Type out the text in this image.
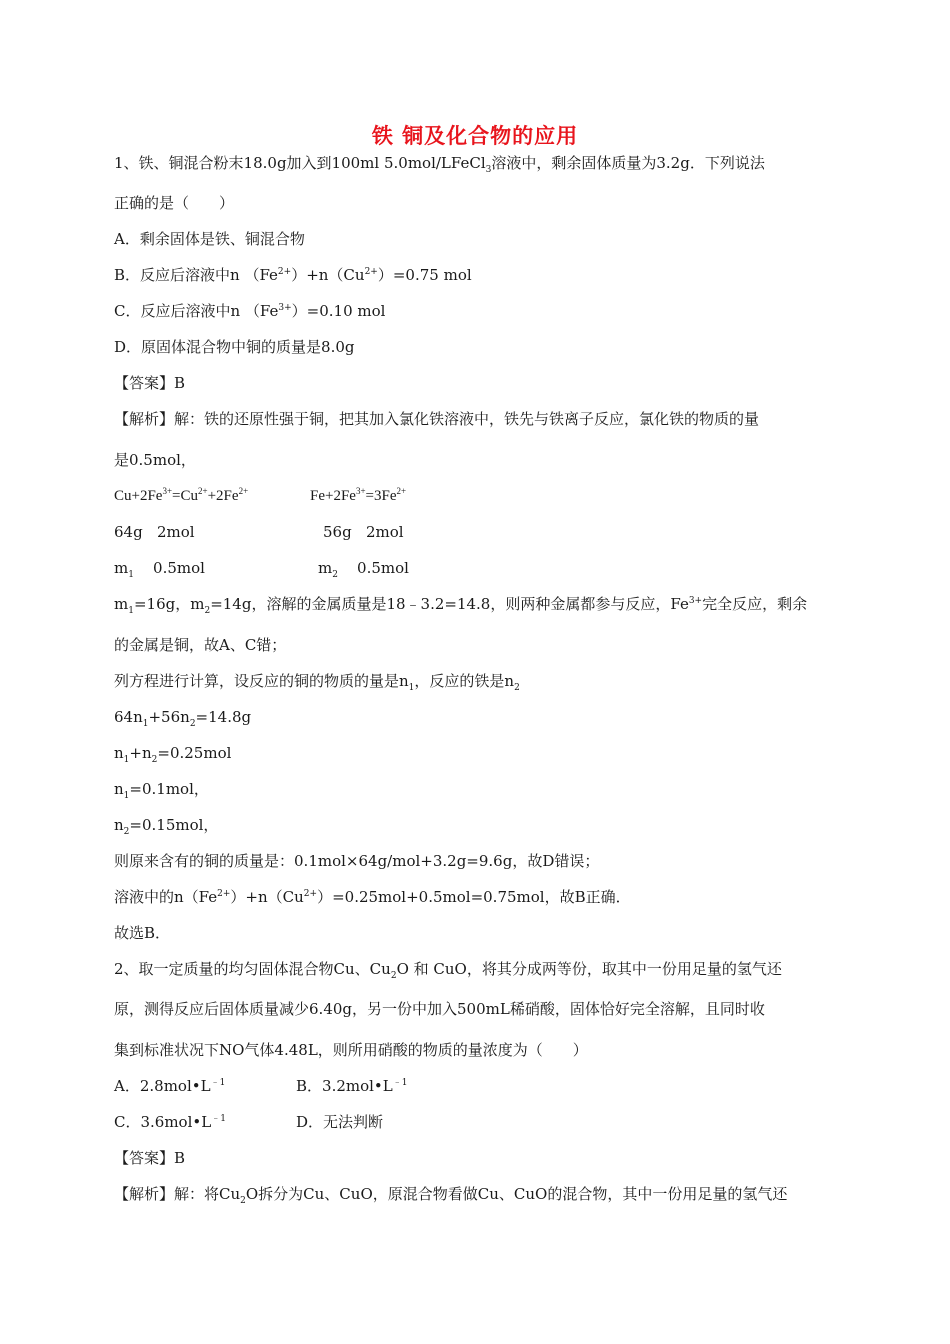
铁 铜及化合物的应用
1、铁、铜混合粉末18.0g加入到100ml 5.0mol/LFeCl$_3$溶液中，剩余固体质量为3.2g．下列说法
正确的是（　　）
A．剩余固体是铁、铜混合物
B．反应后溶液中n $(Fe^{2+})+n(Cu^{2+})=0.75$ mol
C．反应后溶液中n $(Fe^{3+})=0.10$ mol
D．原固体混合物中铜的质量是8.0g
【答案】B
【解析】解：铁的还原性强于铜，把其加入氯化铁溶液中，铁先与铁离子反应，氯化铁的物质的量
是0.5mol，
$Cu+2Fe^{3+}=Cu^{2+}+2Fe^{2+}$	$Fe+2Fe^{3+}=3Fe^{2+}$
64g   2mol	56g   2mol
$m_1$    0.5mol	$m_2$    0.5mol
$m_1=16g$，$m_2=14g$，溶解的金属质量是18﹣3.2=14.8，则两种金属都参与反应，$Fe^{3+}$完全反应，剩余
的金属是铜，故A、C错；
列方程进行计算，设反应的铜的物质的量是$n_1$，反应的铁是$n_2$
$64n_1+56n_2=14.8g$
$n_1+n_2=0.25mol$
$n_1=0.1mol$，
$n_2=0.15mol$，
则原来含有的铜的质量是：0.1mol×64g/mol+3.2g=9.6g，故D错误；
溶液中的$n(Fe^{2+})+n(Cu^{2+})=0.25mol+0.5mol=0.75mol$，故B正确．
故选B．
2、取一定质量的均匀固体混合物Cu、$Cu_2O$ 和 CuO，将其分成两等份，取其中一份用足量的氢气还
原，测得反应后固体质量减少6.40g，另一份中加入500mL稀硝酸，固体恰好完全溶解，且同时收
集到标准状况下NO气体4.48L，则所用硝酸的物质的量浓度为（　　）
A．$2.8mol•L^{﹣1}$	B．$3.2mol•L^{﹣1}$
C．$3.6mol•L^{﹣1}$	D．无法判断
【答案】B
【解析】解：将$Cu_2O$拆分为Cu、CuO，原混合物看做Cu、CuO的混合物，其中一份用足量的氢气还
